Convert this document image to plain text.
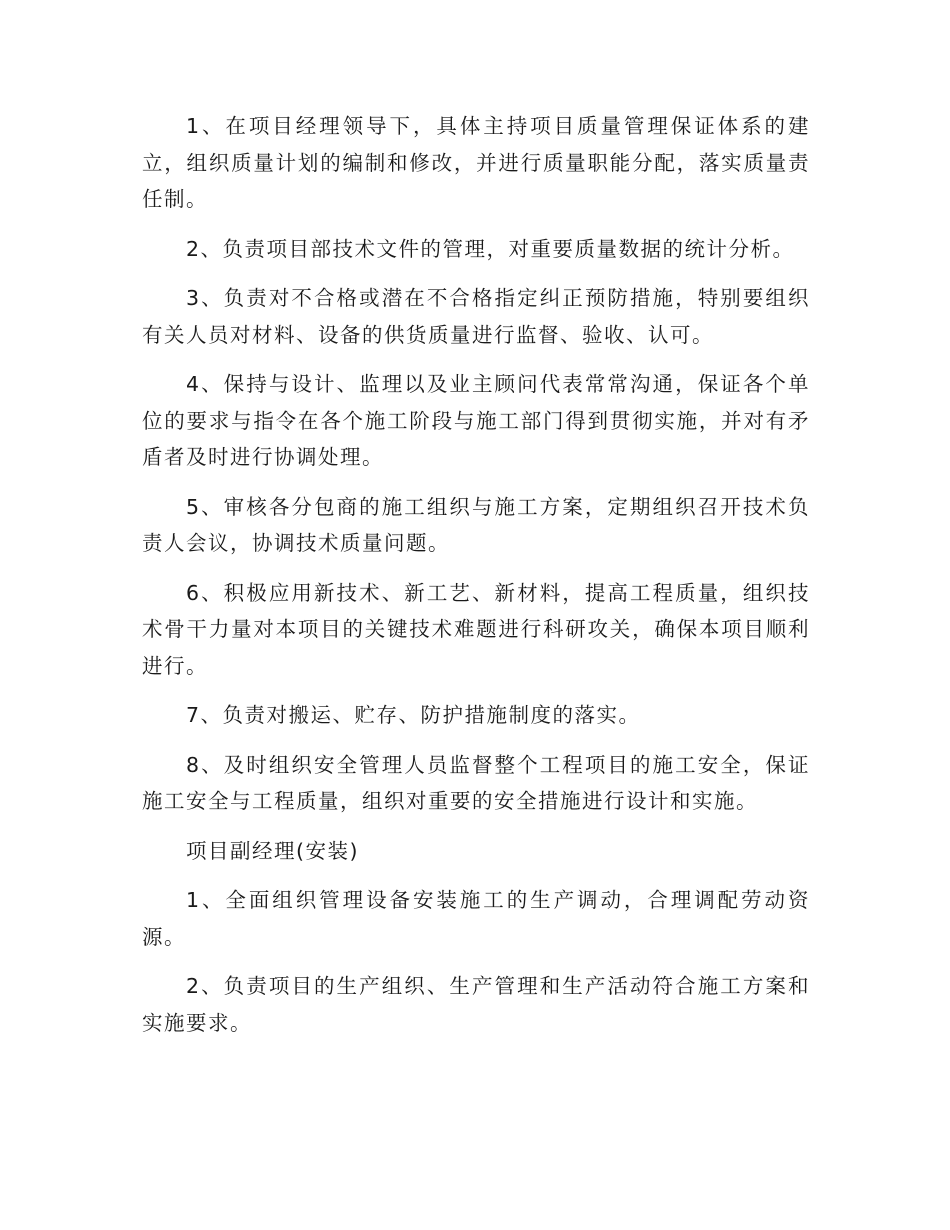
1、在项目经理领导下，具体主持项目质量管理保证体系的建立，组织质量计划的编制和修改，并进行质量职能分配，落实质量责任制。

2、负责项目部技术文件的管理，对重要质量数据的统计分析。

3、负责对不合格或潜在不合格指定纠正预防措施，特别要组织有关人员对材料、设备的供货质量进行监督、验收、认可。

4、保持与设计、监理以及业主顾问代表常常沟通，保证各个单位的要求与指令在各个施工阶段与施工部门得到贯彻实施，并对有矛盾者及时进行协调处理。

5、审核各分包商的施工组织与施工方案，定期组织召开技术负责人会议，协调技术质量问题。

6、积极应用新技术、新工艺、新材料，提高工程质量，组织技术骨干力量对本项目的关键技术难题进行科研攻关，确保本项目顺利进行。

7、负责对搬运、贮存、防护措施制度的落实。

8、及时组织安全管理人员监督整个工程项目的施工安全，保证施工安全与工程质量，组织对重要的安全措施进行设计和实施。

项目副经理(安装)

1、全面组织管理设备安装施工的生产调动，合理调配劳动资源。

2、负责项目的生产组织、生产管理和生产活动符合施工方案和实施要求。
